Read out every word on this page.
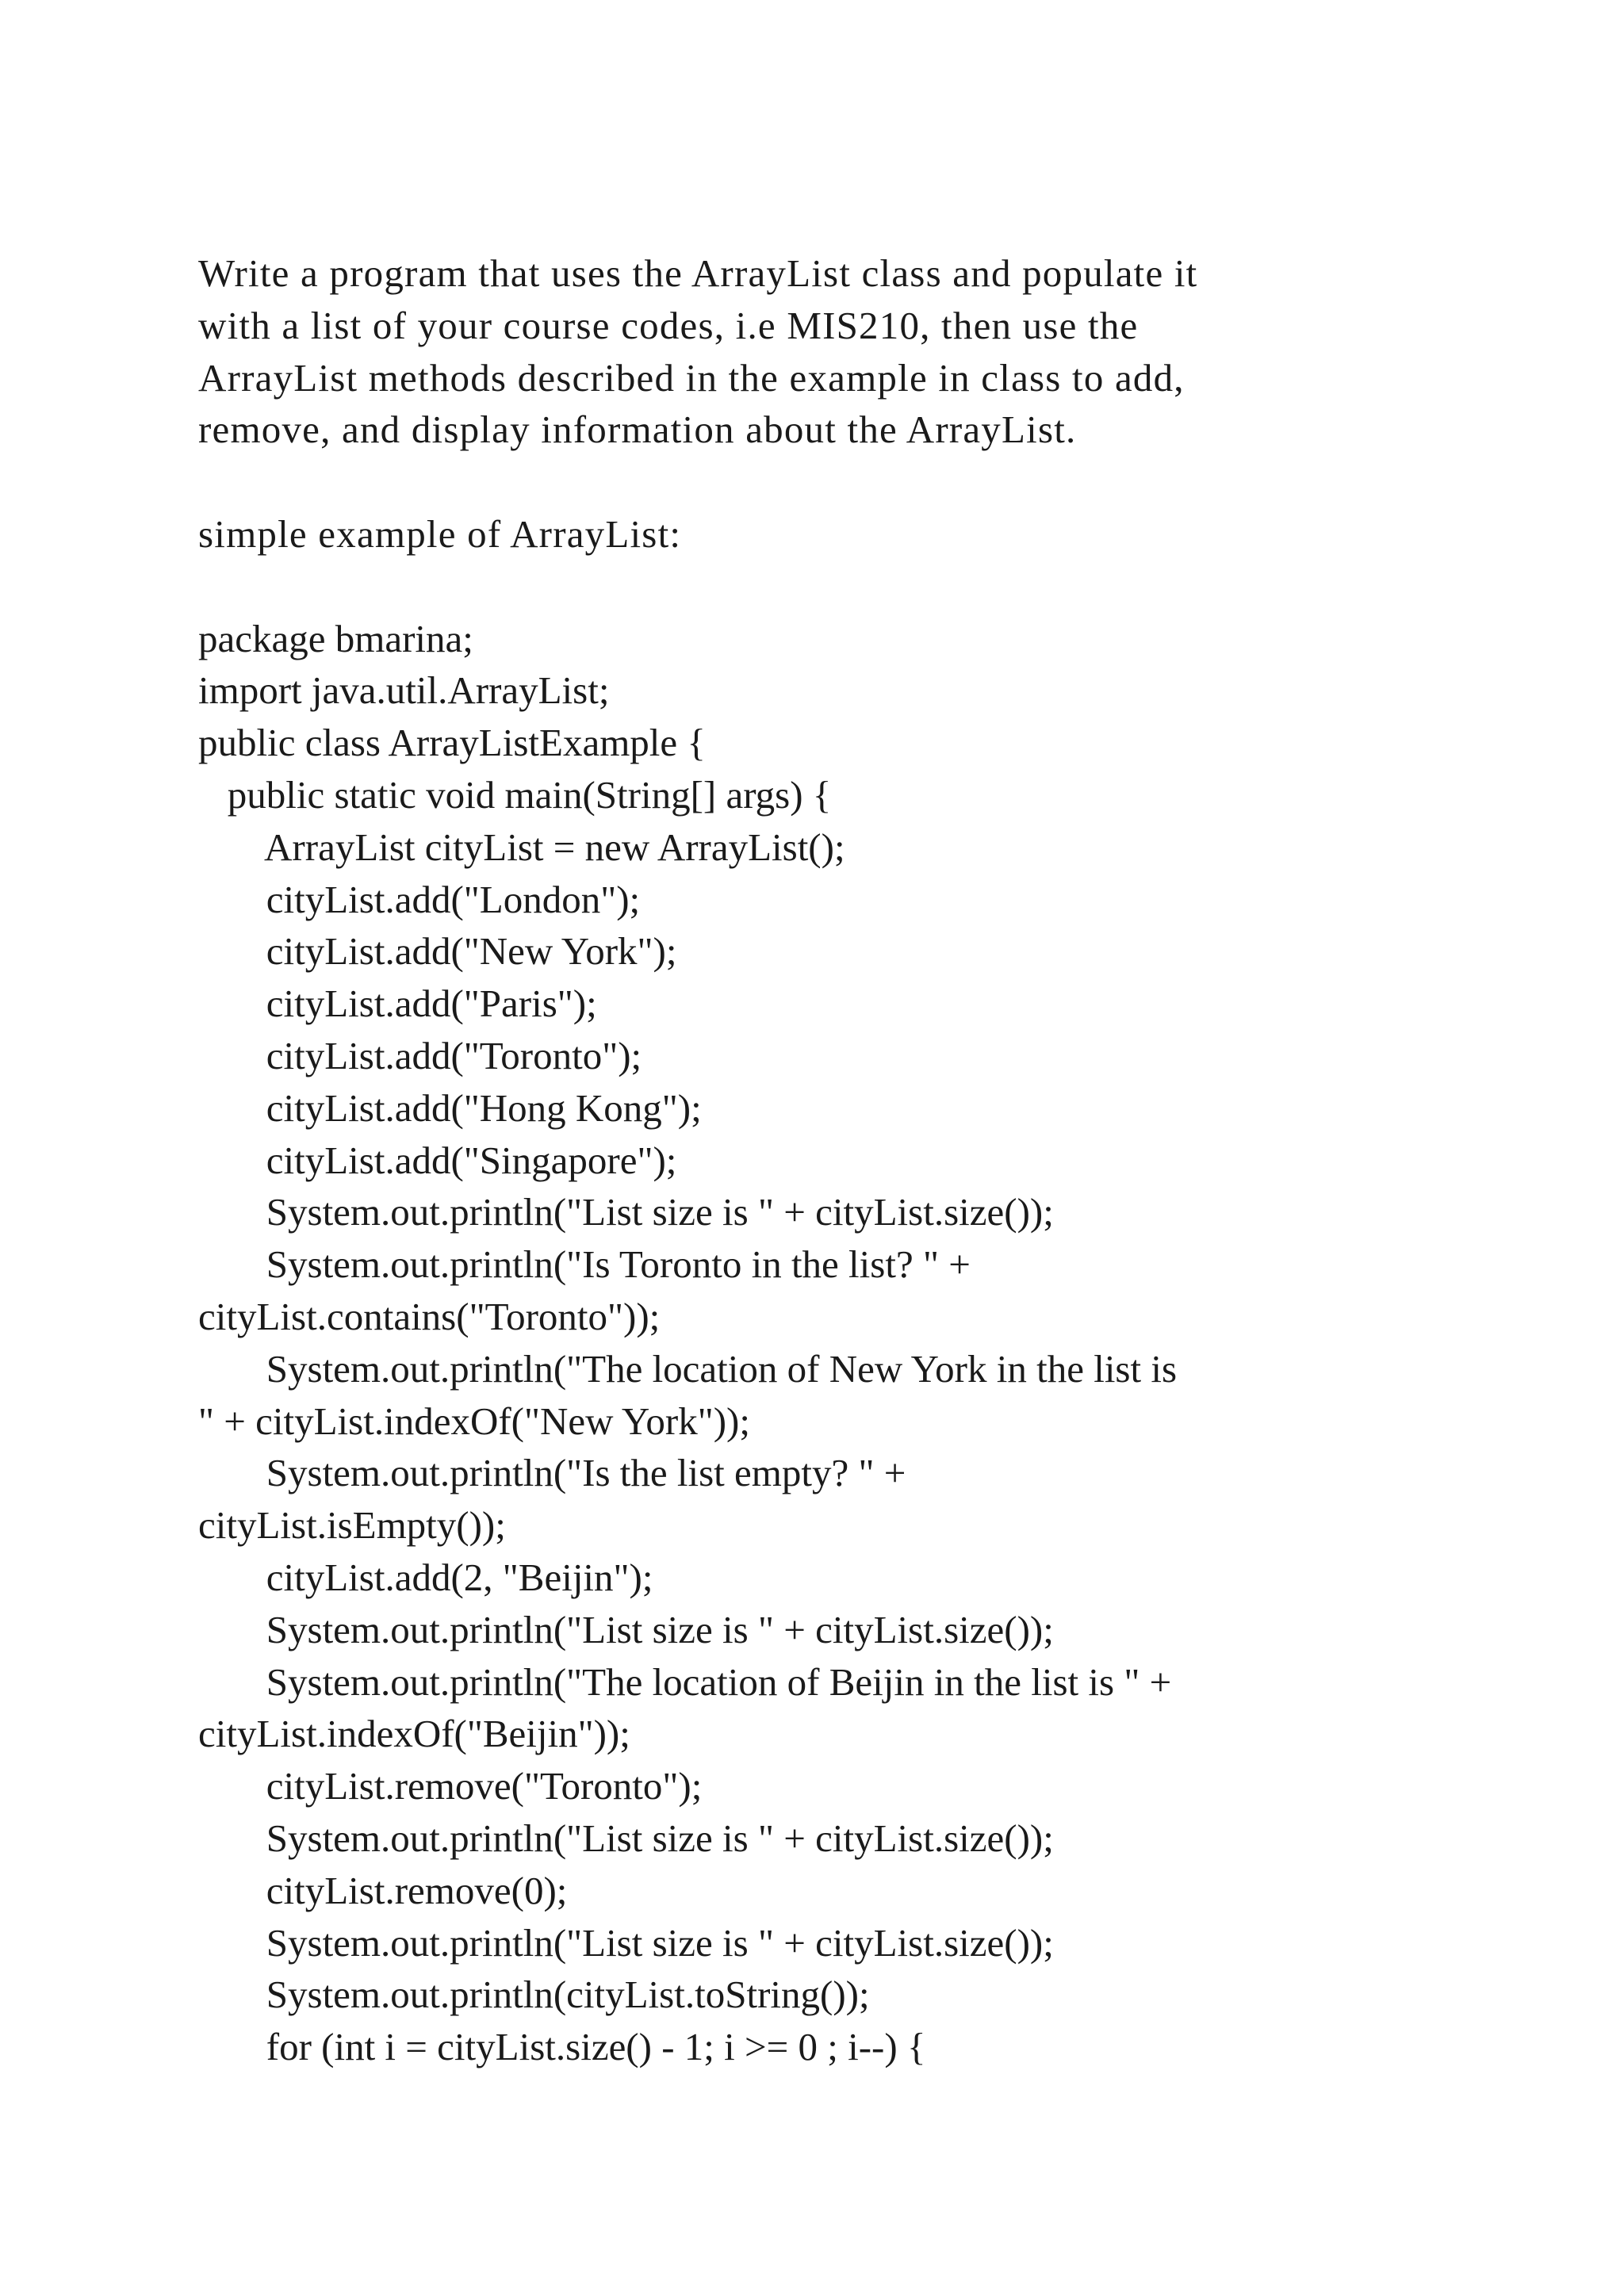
Write a program that uses the ArrayList class and populate it
with a list of your course codes, i.e MIS210, then use the
ArrayList methods described in the example in class to add,
remove, and display information about the ArrayList.
simple example of ArrayList:
package bmarina;
import java.util.ArrayList;
public class ArrayListExample {
public static void main(String[] args) {
ArrayList cityList = new ArrayList();
cityList.add("London");
cityList.add("New York");
cityList.add("Paris");
cityList.add("Toronto");
cityList.add("Hong Kong");
cityList.add("Singapore");
System.out.println("List size is " + cityList.size());
System.out.println("Is Toronto in the list? " +
cityList.contains("Toronto"));
System.out.println("The location of New York in the list is
" + cityList.indexOf("New York"));
System.out.println("Is the list empty? " +
cityList.isEmpty());
cityList.add(2, "Beijin");
System.out.println("List size is " + cityList.size());
System.out.println("The location of Beijin in the list is " +
cityList.indexOf("Beijin"));
cityList.remove("Toronto");
System.out.println("List size is " + cityList.size());
cityList.remove(0);
System.out.println("List size is " + cityList.size());
System.out.println(cityList.toString());
for (int i = cityList.size() - 1; i >= 0 ; i--) {
